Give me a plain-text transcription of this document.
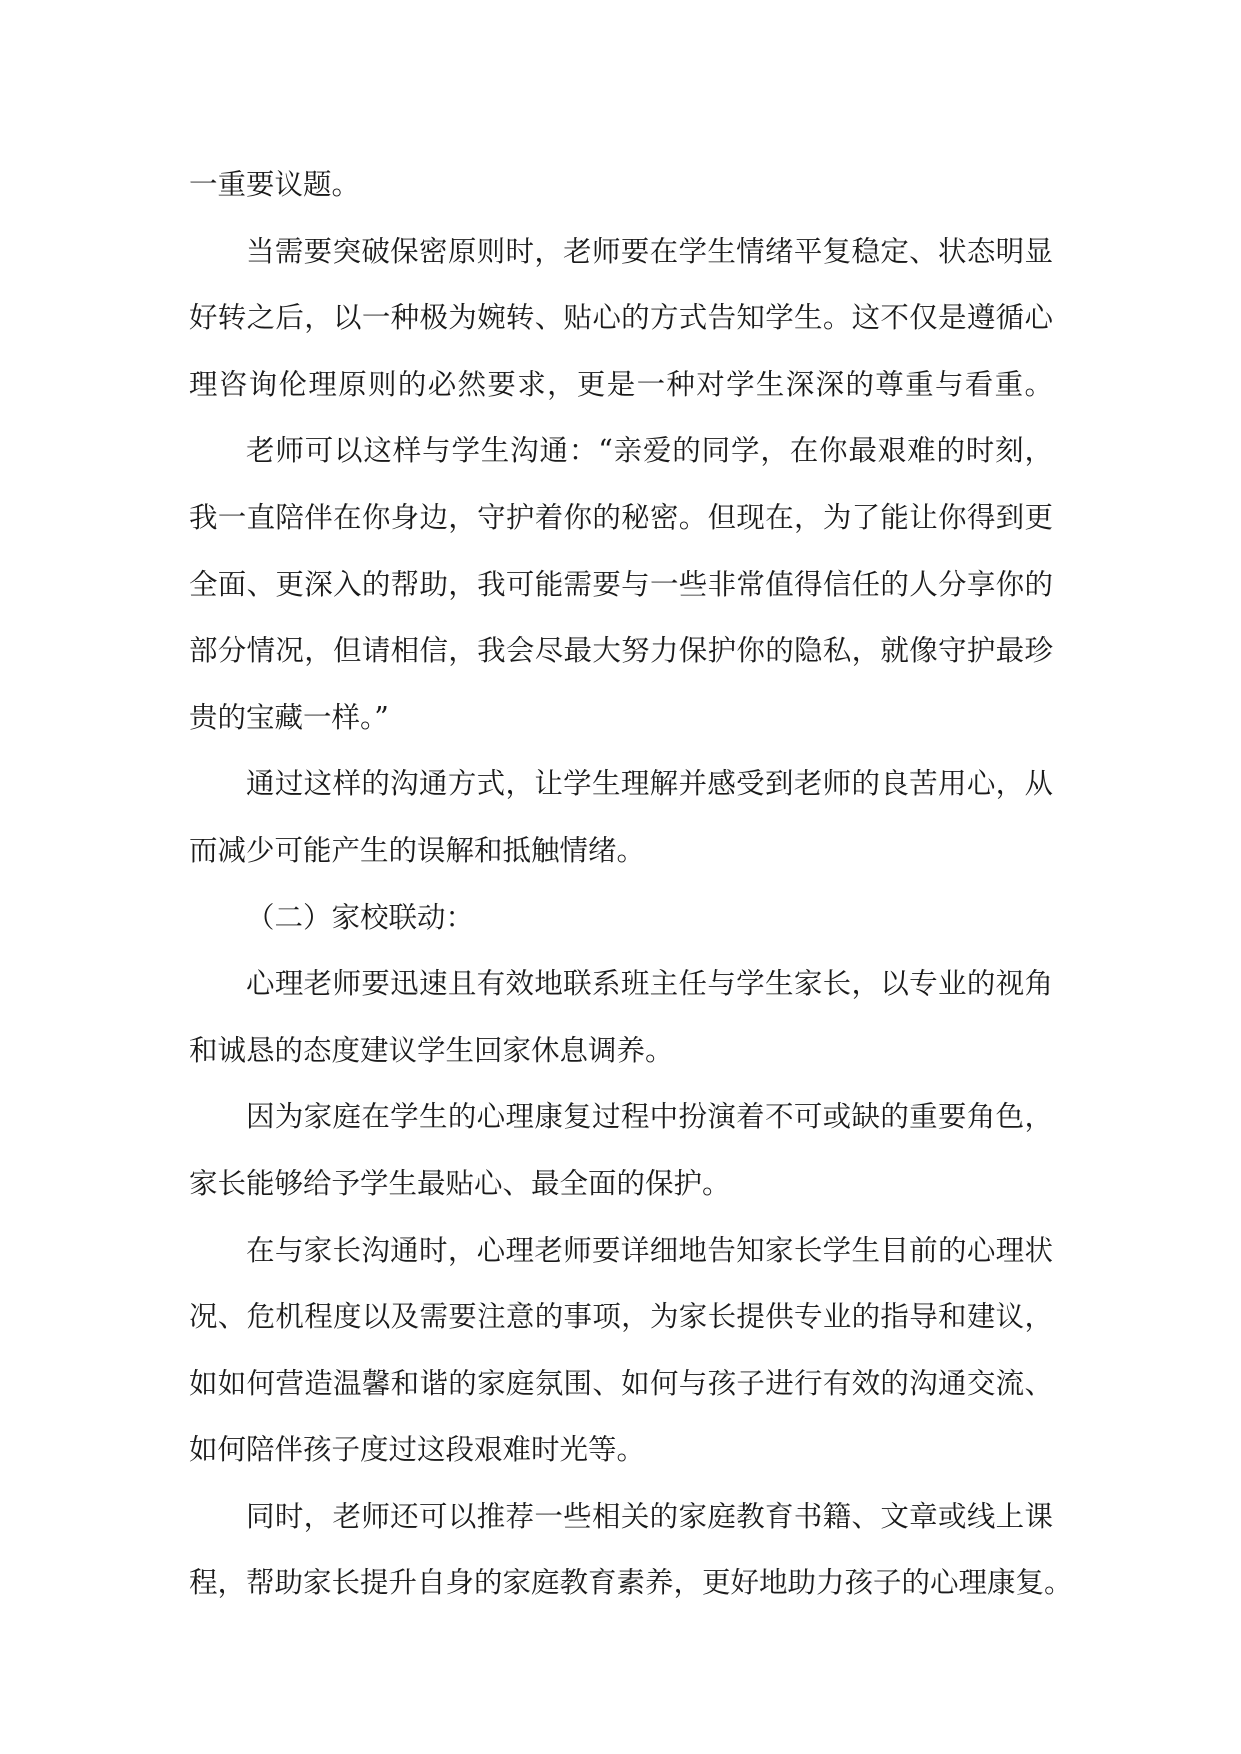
一重要议题。
当需要突破保密原则时，老师要在学生情绪平复稳定、状态明显
好转之后，以一种极为婉转、贴心的方式告知学生。这不仅是遵循心
理咨询伦理原则的必然要求，更是一种对学生深深的尊重与看重。
老师可以这样与学生沟通：“亲爱的同学，在你最艰难的时刻，
我一直陪伴在你身边，守护着你的秘密。但现在，为了能让你得到更
全面、更深入的帮助，我可能需要与一些非常值得信任的人分享你的
部分情况，但请相信，我会尽最大努力保护你的隐私，就像守护最珍
贵的宝藏一样。”
通过这样的沟通方式，让学生理解并感受到老师的良苦用心，从
而减少可能产生的误解和抵触情绪。
（二）家校联动：
心理老师要迅速且有效地联系班主任与学生家长，以专业的视角
和诚恳的态度建议学生回家休息调养。
因为家庭在学生的心理康复过程中扮演着不可或缺的重要角色，
家长能够给予学生最贴心、最全面的保护。
在与家长沟通时，心理老师要详细地告知家长学生目前的心理状
况、危机程度以及需要注意的事项，为家长提供专业的指导和建议，
如如何营造温馨和谐的家庭氛围、如何与孩子进行有效的沟通交流、
如何陪伴孩子度过这段艰难时光等。
同时，老师还可以推荐一些相关的家庭教育书籍、文章或线上课
程，帮助家长提升自身的家庭教育素养，更好地助力孩子的心理康复。
